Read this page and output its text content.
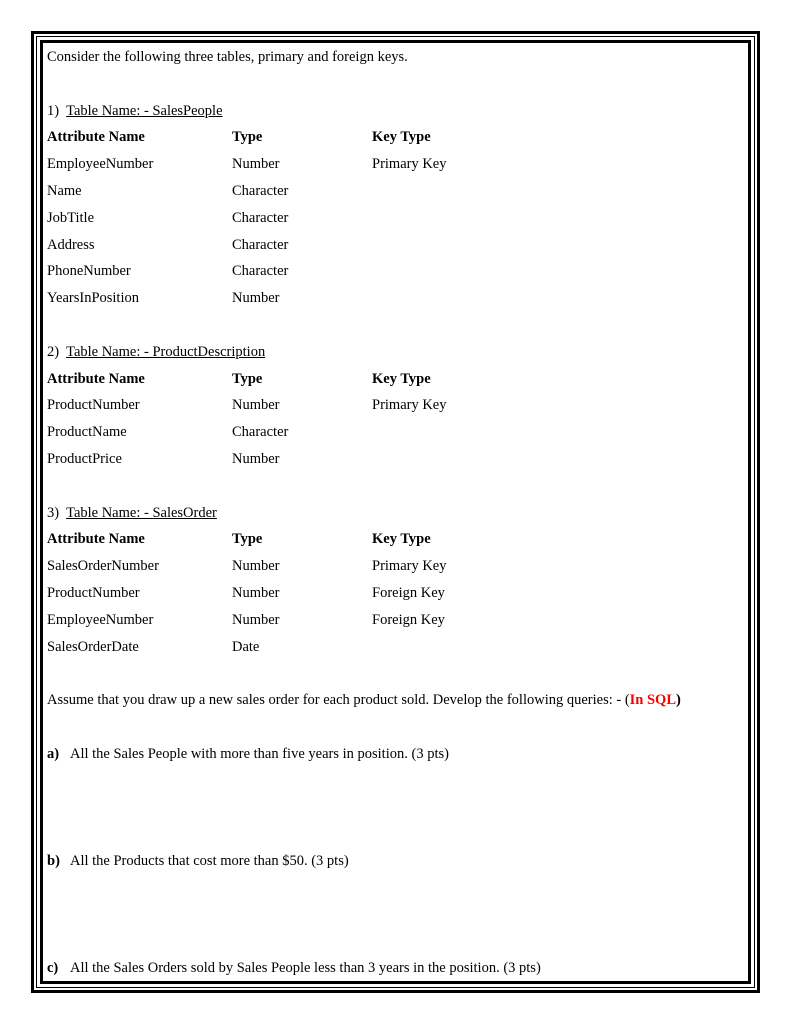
Consider the following three tables, primary and foreign keys.
1) Table Name: - SalesPeople
Attribute Name	Type	Key Type
EmployeeNumber	Number	Primary Key
Name	Character
JobTitle	Character
Address	Character
PhoneNumber	Character
YearsInPosition	Number
2) Table Name: - ProductDescription
Attribute Name	Type	Key Type
ProductNumber	Number	Primary Key
ProductName	Character
ProductPrice	Number
3) Table Name: - SalesOrder
Attribute Name	Type	Key Type
SalesOrderNumber	Number	Primary Key
ProductNumber	Number	Foreign Key
EmployeeNumber	Number	Foreign Key
SalesOrderDate	Date
Assume that you draw up a new sales order for each product sold. Develop the following queries: - (In SQL)
a) All the Sales People with more than five years in position. (3 pts)
b) All the Products that cost more than $50. (3 pts)
c) All the Sales Orders sold by Sales People less than 3 years in the position. (3 pts)
